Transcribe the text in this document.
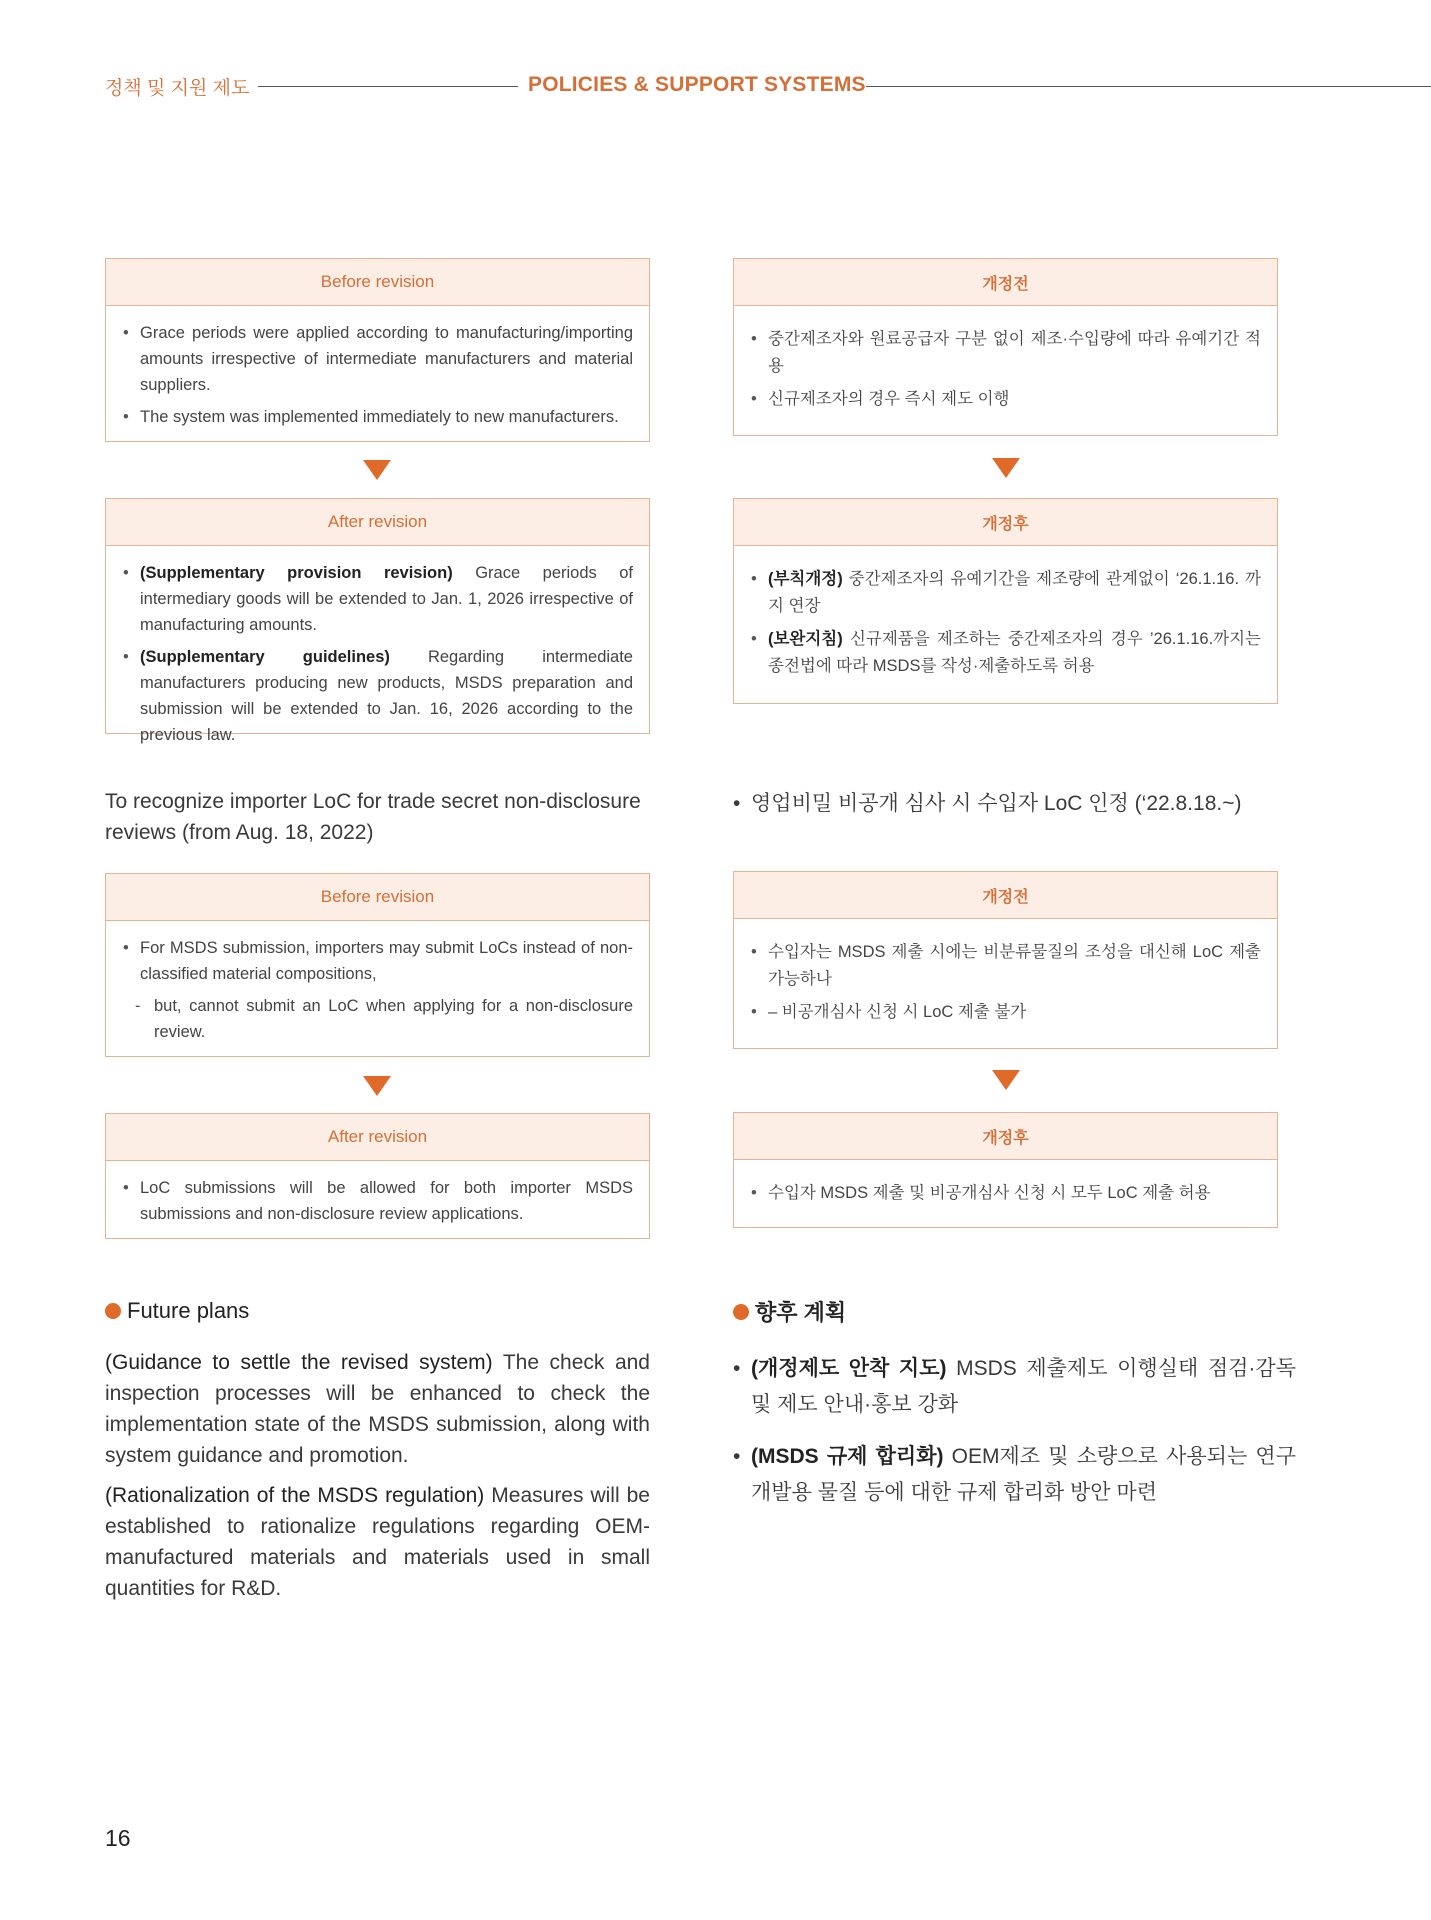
정책 및 지원 제도	POLICIES & SUPPORT SYSTEMS
Before revision
• Grace periods were applied according to manufacturing/importing amounts irrespective of intermediate manufacturers and material suppliers.
• The system was implemented immediately to new manufacturers.
After revision
• (Supplementary provision revision) Grace periods of intermediary goods will be extended to Jan. 1, 2026 irrespective of manufacturing amounts.
• (Supplementary guidelines) Regarding intermediate manufacturers producing new products, MSDS preparation and submission will be extended to Jan. 16, 2026 according to the previous law.
개정전
• 중간제조자와 원료공급자 구분 없이 제조·수입량에 따라 유예기간 적용
• 신규제조자의 경우 즉시 제도 이행
개정후
• (부칙개정) 중간제조자의 유예기간을 제조량에 관계없이 ‘26.1.16. 까지 연장
• (보완지침) 신규제품을 제조하는 중간제조자의 경우 ’26.1.16.까지는 종전법에 따라 MSDS를 작성·제출하도록 허용
To recognize importer LoC for trade secret non-disclosure reviews (from Aug. 18, 2022)
• 영업비밀 비공개 심사 시 수입자 LoC 인정 (‘22.8.18.~)
Before revision
• For MSDS submission, importers may submit LoCs instead of non-classified material compositions,
- but, cannot submit an LoC when applying for a non-disclosure review.
After revision
• LoC submissions will be allowed for both importer MSDS submissions and non-disclosure review applications.
개정전
• 수입자는 MSDS 제출 시에는 비분류물질의 조성을 대신해 LoC 제출 가능하나
• – 비공개심사 신청 시 LoC 제출 불가
개정후
• 수입자 MSDS 제출 및 비공개심사 신청 시 모두 LoC 제출 허용
Future plans	향후 계획

(Guidance to settle the revised system) The check and inspection processes will be enhanced to check the implementation state of the MSDS submission, along with system guidance and promotion.

(Rationalization of the MSDS regulation) Measures will be established to rationalize regulations regarding OEM-manufactured materials and materials used in small quantities for R&D.

• (개정제도 안착 지도) MSDS 제출제도 이행실태 점검·감독 및 제도 안내·홍보 강화

• (MSDS 규제 합리화) OEM제조 및 소량으로 사용되는 연구개발용 물질 등에 대한 규제 합리화 방안 마련

16
